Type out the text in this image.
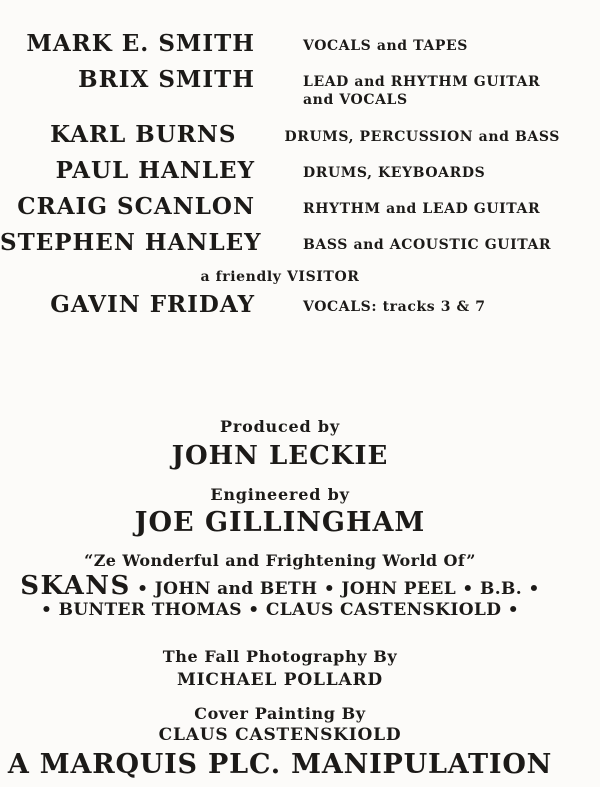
MARK E. SMITH	VOCALS and TAPES
BRIX SMITH	LEAD and RHYTHM GUITAR
and VOCALS
KARL BURNS	DRUMS, PERCUSSION and BASS
PAUL HANLEY	DRUMS, KEYBOARDS
CRAIG SCANLON	RHYTHM and LEAD GUITAR
STEPHEN HANLEY	BASS and ACOUSTIC GUITAR
a friendly VISITOR
GAVIN FRIDAY	VOCALS: tracks 3 & 7
Produced by
JOHN LECKIE
Engineered by
JOE GILLINGHAM
“Ze Wonderful and Frightening World Of”
SKANS • JOHN and BETH • JOHN PEEL • B.B. •
• BUNTER THOMAS • CLAUS CASTENSKIOLD •
The Fall Photography By
MICHAEL POLLARD
Cover Painting By
CLAUS CASTENSKIOLD
A MARQUIS PLC. MANIPULATION
